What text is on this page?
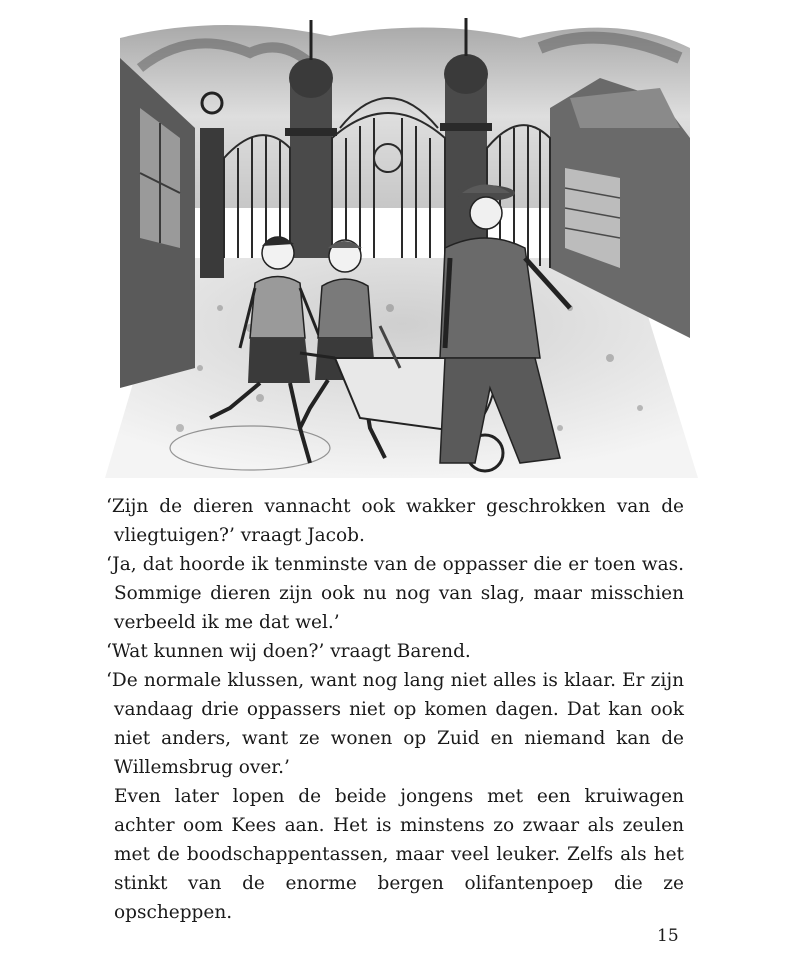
‘Zijn de dieren vannacht ook wakker geschrokken van de vliegtuigen?’ vraagt Jacob.

‘Ja, dat hoorde ik tenminste van de oppasser die er toen was. Sommige dieren zijn ook nu nog van slag, maar misschien verbeeld ik me dat wel.’

‘Wat kunnen wij doen?’ vraagt Barend.

‘De normale klussen, want nog lang niet alles is klaar. Er zijn vandaag drie oppassers niet op komen dagen. Dat kan ook niet anders, want ze wonen op Zuid en niemand kan de Willemsbrug over.’

Even later lopen de beide jongens met een kruiwagen achter oom Kees aan. Het is minstens zo zwaar als zeulen met de boodschappentassen, maar veel leuker. Zelfs als het stinkt van de enorme bergen olifantenpoep die ze opscheppen.

15
